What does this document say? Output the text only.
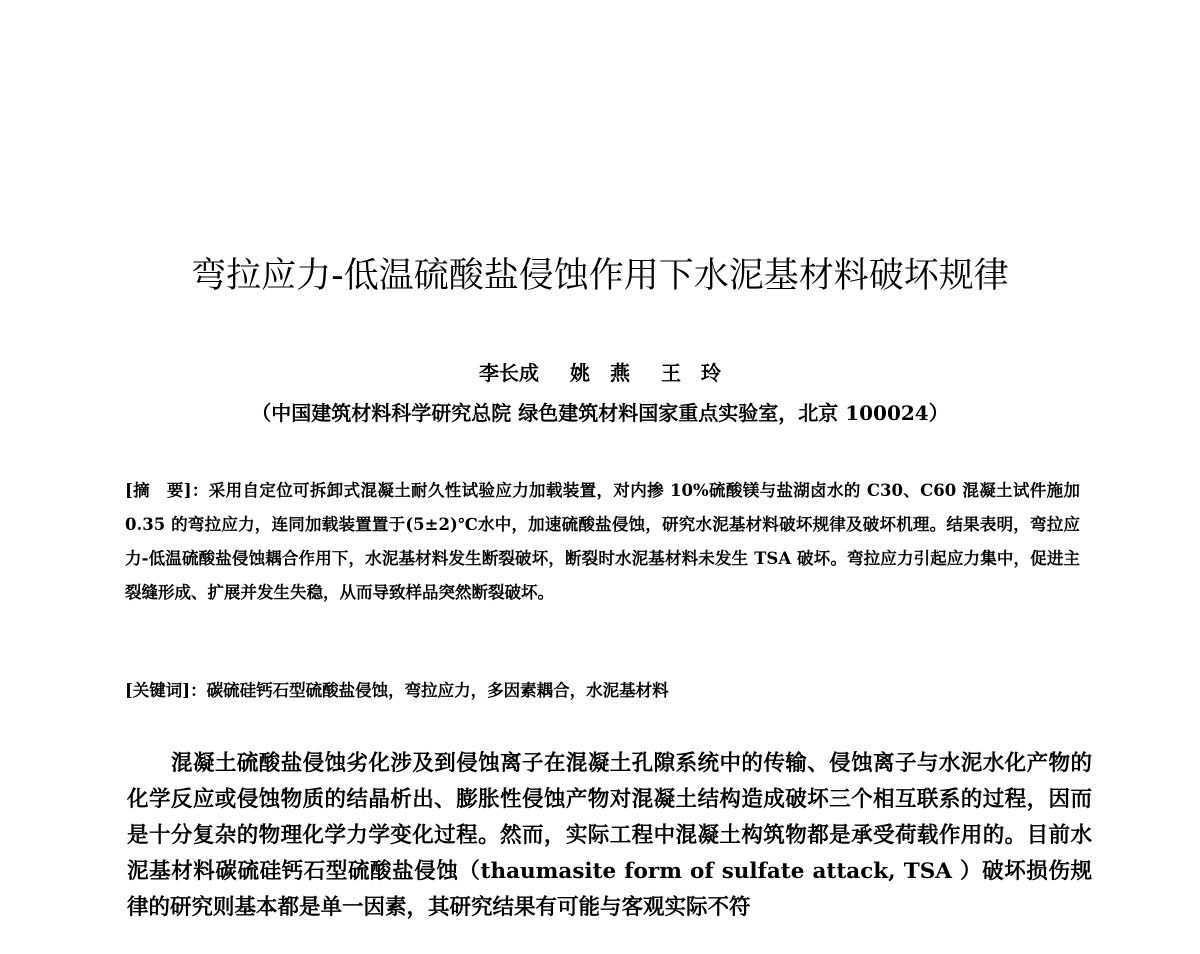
弯拉应力-低温硫酸盐侵蚀作用下水泥基材料破坏规律
李长成 姚　燕 王　玲
（中国建筑材料科学研究总院 绿色建筑材料国家重点实验室，北京 100024）

[摘　要]：采用自定位可拆卸式混凝土耐久性试验应力加载装置，对内掺 10%硫酸镁与盐湖卤水的 C30、C60 混凝土试件施加 0.35 的弯拉应力，连同加载装置置于(5±2)℃水中，加速硫酸盐侵蚀，研究水泥基材料破坏规律及破坏机理。结果表明，弯拉应力-低温硫酸盐侵蚀耦合作用下，水泥基材料发生断裂破坏，断裂时水泥基材料未发生 TSA 破坏。弯拉应力引起应力集中，促进主裂缝形成、扩展并发生失稳，从而导致样品突然断裂破坏。

[关键词]：碳硫硅钙石型硫酸盐侵蚀，弯拉应力，多因素耦合，水泥基材料

混凝土硫酸盐侵蚀劣化涉及到侵蚀离子在混凝土孔隙系统中的传输、侵蚀离子与水泥水化产物的化学反应或侵蚀物质的结晶析出、膨胀性侵蚀产物对混凝土结构造成破坏三个相互联系的过程，因而是十分复杂的物理化学力学变化过程。然而，实际工程中混凝土构筑物都是承受荷载作用的。目前水泥基材料碳硫硅钙石型硫酸盐侵蚀（thaumasite form of sulfate attack, TSA ）破坏损伤规律的研究则基本都是单一因素，其研究结果有可能与客观实际不符
